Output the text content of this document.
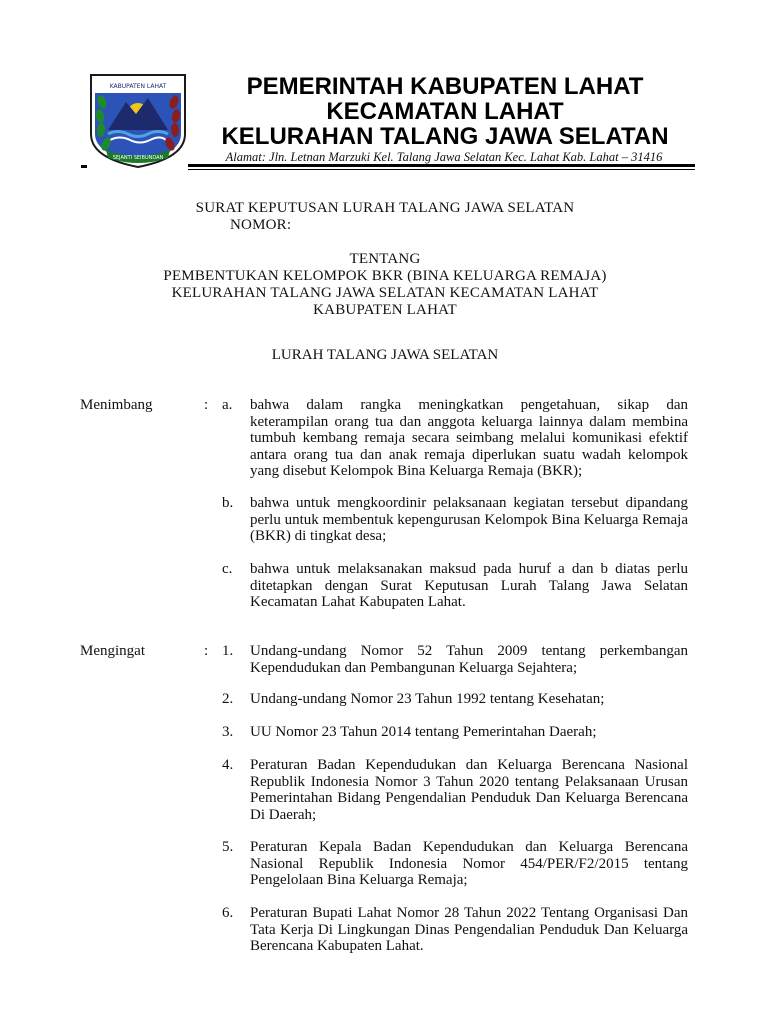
KABUPATEN LAHAT
SEJANTI SEIBUNDAN
PEMERINTAH KABUPATEN LAHAT
KECAMATAN LAHAT
KELURAHAN TALANG JAWA SELATAN
Alamat: Jln. Letnan Marzuki Kel. Talang Jawa Selatan Kec. Lahat Kab. Lahat – 31416
SURAT KEPUTUSAN LURAH TALANG JAWA SELATAN
NOMOR:
TENTANG
PEMBENTUKAN KELOMPOK BKR (BINA KELUARGA REMAJA)
KELURAHAN TALANG JAWA SELATAN KECAMATAN LAHAT
KABUPATEN LAHAT
LURAH TALANG JAWA SELATAN
Menimbang	: a.	bahwa dalam rangka meningkatkan pengetahuan, sikap dan keterampilan orang tua dan anggota keluarga lainnya dalam membina tumbuh kembang remaja secara seimbang melalui komunikasi efektif antara orang tua dan anak remaja diperlukan suatu wadah kelompok yang disebut Kelompok Bina Keluarga Remaja (BKR);
b.	bahwa untuk mengkoordinir pelaksanaan kegiatan tersebut dipandang perlu untuk membentuk kepengurusan Kelompok Bina Keluarga Remaja (BKR) di tingkat desa;
c.	bahwa untuk melaksanakan maksud pada huruf a dan b diatas perlu ditetapkan dengan Surat Keputusan Lurah Talang Jawa Selatan Kecamatan Lahat Kabupaten Lahat.
Mengingat	: 1.	Undang-undang Nomor 52 Tahun 2009 tentang perkembangan Kependudukan dan Pembangunan Keluarga Sejahtera;
2.	Undang-undang Nomor 23 Tahun 1992 tentang Kesehatan;
3.	UU Nomor 23 Tahun 2014 tentang Pemerintahan Daerah;
4.	Peraturan Badan Kependudukan dan Keluarga Berencana Nasional Republik Indonesia Nomor 3 Tahun 2020 tentang Pelaksanaan Urusan Pemerintahan Bidang Pengendalian Penduduk Dan Keluarga Berencana Di Daerah;
5.	Peraturan Kepala Badan Kependudukan dan Keluarga Berencana Nasional Republik Indonesia Nomor 454/PER/F2/2015 tentang Pengelolaan Bina Keluarga Remaja;
6.	Peraturan Bupati Lahat Nomor 28 Tahun 2022 Tentang Organisasi Dan Tata Kerja Di Lingkungan Dinas Pengendalian Penduduk Dan Keluarga Berencana Kabupaten Lahat.
